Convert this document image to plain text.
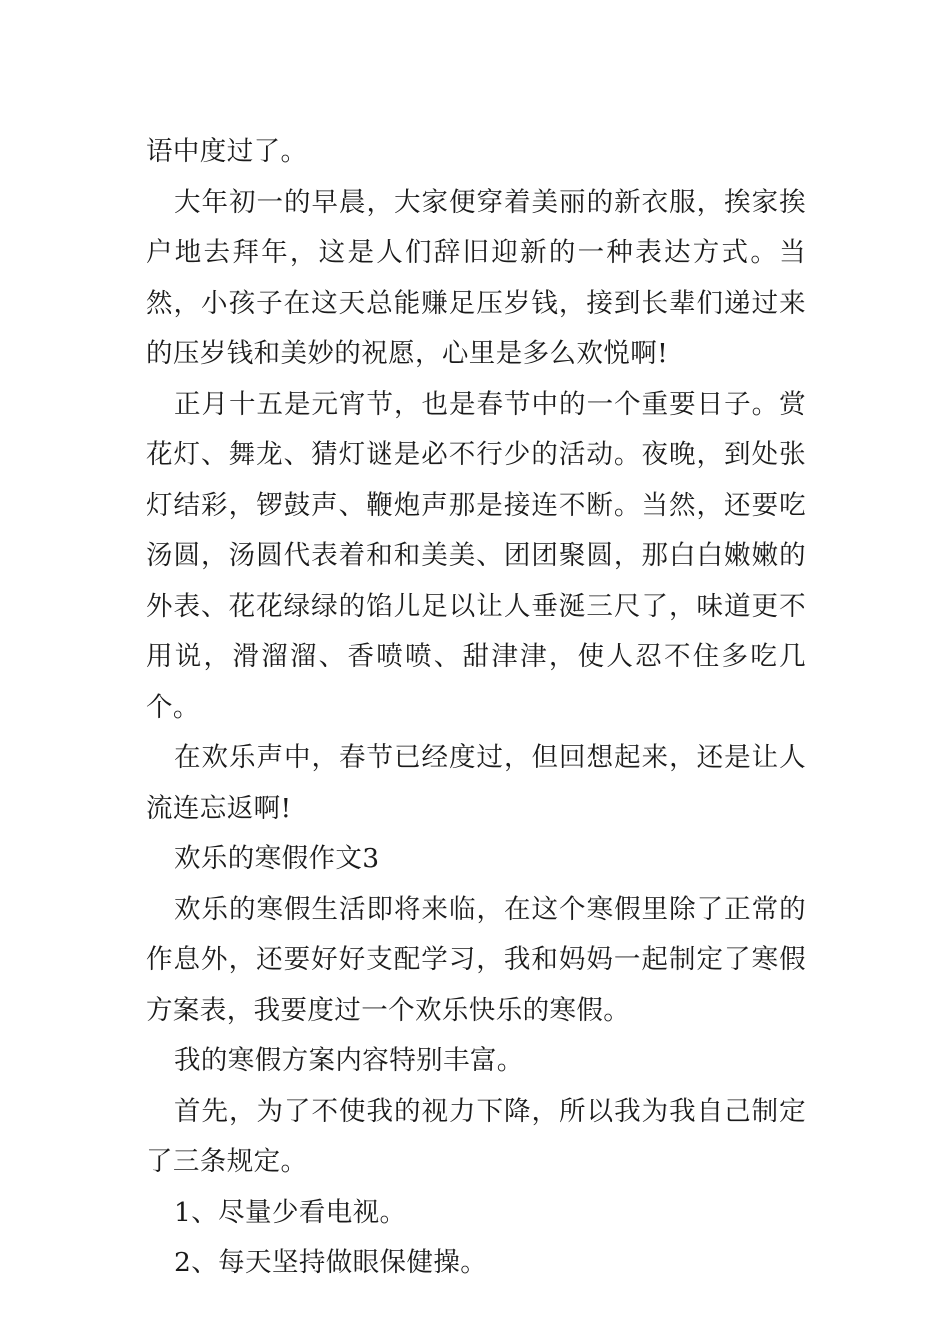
语中度过了。

大年初一的早晨，大家便穿着美丽的新衣服，挨家挨户地去拜年，这是人们辞旧迎新的一种表达方式。当然，小孩子在这天总能赚足压岁钱，接到长辈们递过来的压岁钱和美妙的祝愿，心里是多么欢悦啊!

正月十五是元宵节，也是春节中的一个重要日子。赏花灯、舞龙、猜灯谜是必不行少的活动。夜晚，到处张灯结彩，锣鼓声、鞭炮声那是接连不断。当然，还要吃汤圆，汤圆代表着和和美美、团团聚圆，那白白嫩嫩的外表、花花绿绿的馅儿足以让人垂涎三尺了，味道更不用说，滑溜溜、香喷喷、甜津津，使人忍不住多吃几个。

在欢乐声中，春节已经度过，但回想起来，还是让人流连忘返啊!

欢乐的寒假作文3

欢乐的寒假生活即将来临，在这个寒假里除了正常的作息外，还要好好支配学习，我和妈妈一起制定了寒假方案表，我要度过一个欢乐快乐的寒假。

我的寒假方案内容特别丰富。

首先，为了不使我的视力下降，所以我为我自己制定了三条规定。

1、尽量少看电视。

2、每天坚持做眼保健操。
